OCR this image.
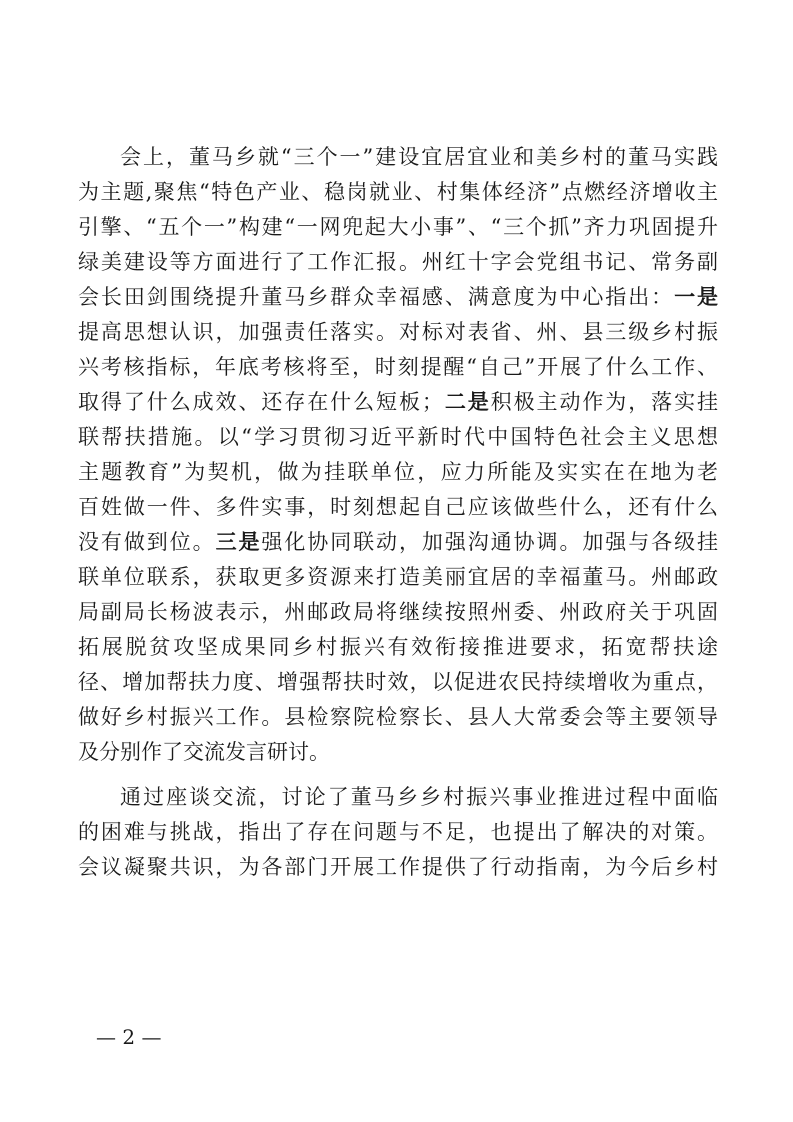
会上，董马乡就“三个一”建设宜居宜业和美乡村的董马实践
为主题,聚焦“特色产业、稳岗就业、村集体经济”点燃经济增收主
引擎、“五个一”构建“一网兜起大小事”、“三个抓”齐力巩固提升
绿美建设等方面进行了工作汇报。州红十字会党组书记、常务副
会长田剑围绕提升董马乡群众幸福感、满意度为中心指出：一是
提高思想认识，加强责任落实。对标对表省、州、县三级乡村振
兴考核指标，年底考核将至，时刻提醒“自己”开展了什么工作、
取得了什么成效、还存在什么短板；二是积极主动作为，落实挂
联帮扶措施。以“学习贯彻习近平新时代中国特色社会主义思想
主题教育”为契机，做为挂联单位，应力所能及实实在在地为老
百姓做一件、多件实事，时刻想起自己应该做些什么，还有什么
没有做到位。三是强化协同联动，加强沟通协调。加强与各级挂
联单位联系，获取更多资源来打造美丽宜居的幸福董马。州邮政
局副局长杨波表示，州邮政局将继续按照州委、州政府关于巩固
拓展脱贫攻坚成果同乡村振兴有效衔接推进要求，拓宽帮扶途
径、增加帮扶力度、增强帮扶时效，以促进农民持续增收为重点，
做好乡村振兴工作。县检察院检察长、县人大常委会等主要领导
及分别作了交流发言研讨。
通过座谈交流，讨论了董马乡乡村振兴事业推进过程中面临
的困难与挑战，指出了存在问题与不足，也提出了解决的对策。
会议凝聚共识，为各部门开展工作提供了行动指南，为今后乡村
— 2 —
